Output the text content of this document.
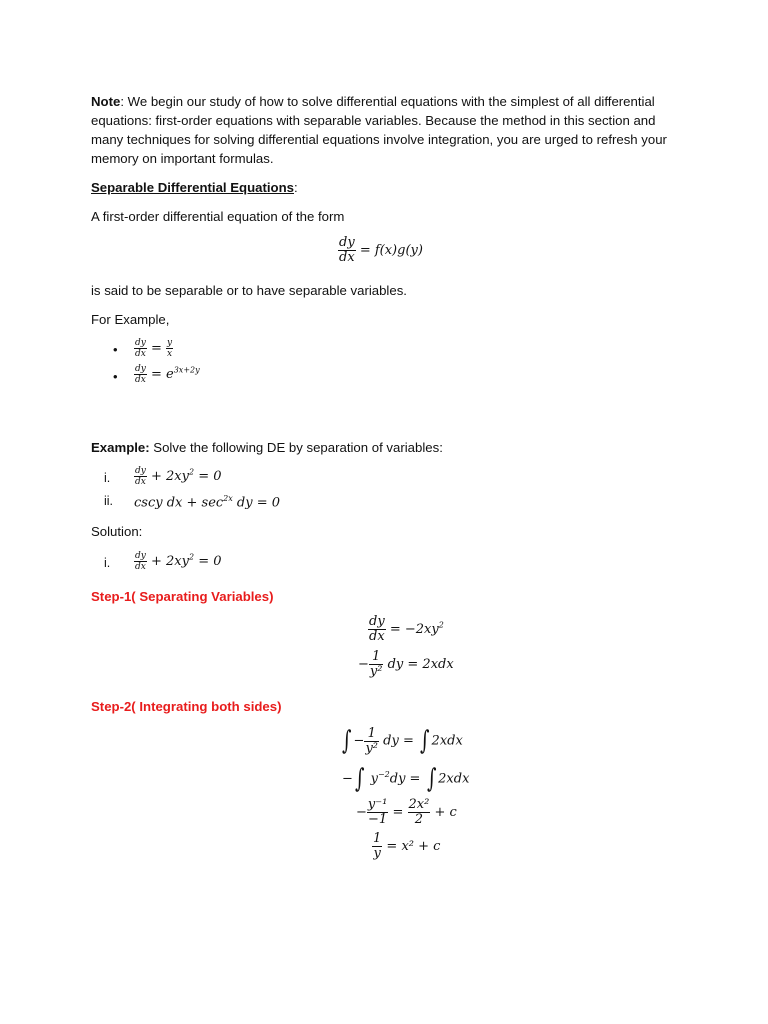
Note: We begin our study of how to solve differential equations with the simplest of all differential equations: first-order equations with separable variables. Because the method in this section and many techniques for solving differential equations involve integration, you are urged to refresh your memory on important formulas.
Separable Differential Equations:
A first-order differential equation of the form
$\frac{dy}{dx} = f(x)g(y)$
is said to be separable or to have separable variables.
For Example,
• $\frac{dy}{dx} = \frac{y}{x}$
• $\frac{dy}{dx} = e^{3x+2y}$
Example: Solve the following DE by separation of variables:
i.	$\frac{dy}{dx} + 2xy^2 = 0$
ii. cscy dx + $\sec^{2x}$ dy = 0
Solution:
i.	$\frac{dy}{dx} + 2xy^2 = 0$
Step-1( Separating Variables)
$\frac{dy}{dx} = -2xy^2$
− $\frac{1}{\text{y²}}$ dy = 2xdx
Step-2( Integrating both sides)
∫ − $\frac{1}{\text{y²}}$ dy = ∫ 2xdx
−∫ $y^{-2}dy$ = ∫ 2xdx
− $\frac{\text{y⁻¹}}{-1} = \frac{\text{2x²}}{2} + c$
$\frac{1}{y} = x^2 + c$
